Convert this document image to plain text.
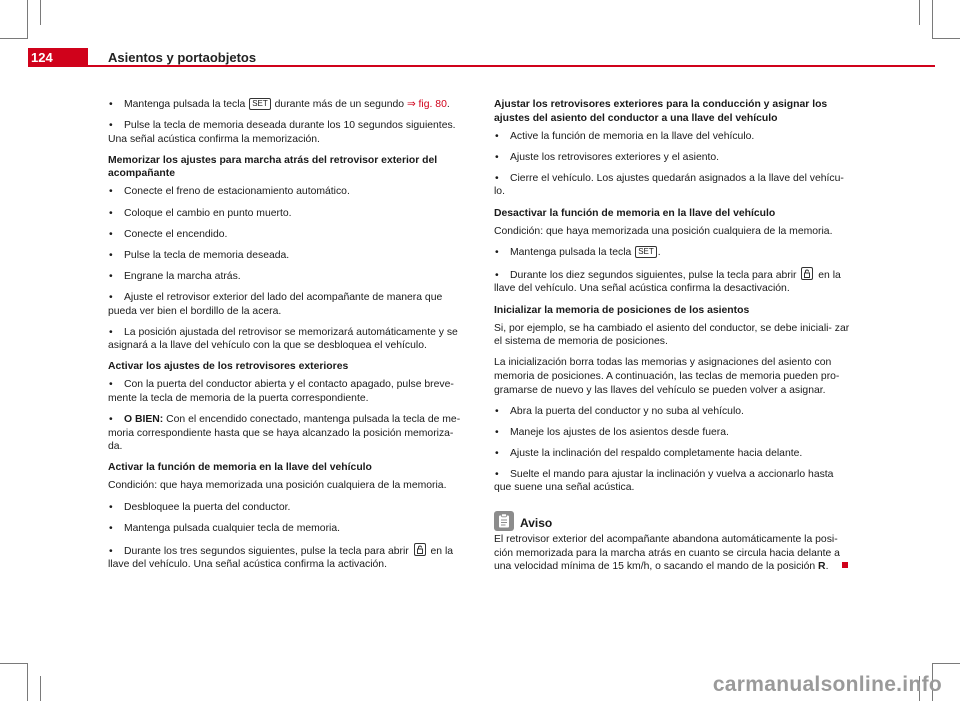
124	Asientos y portaobjetos
• Mantenga pulsada la tecla SET durante más de un segundo ⇒ fig. 80.
• Pulse la tecla de memoria deseada durante los 10 segundos siguientes. Una señal acústica confirma la memorización.
Memorizar los ajustes para marcha atrás del retrovisor exterior del acompañante
• Conecte el freno de estacionamiento automático.
• Coloque el cambio en punto muerto.
• Conecte el encendido.
• Pulse la tecla de memoria deseada.
• Engrane la marcha atrás.
• Ajuste el retrovisor exterior del lado del acompañante de manera que pueda ver bien el bordillo de la acera.
• La posición ajustada del retrovisor se memorizará automáticamente y se asignará a la llave del vehículo con la que se desbloquea el vehículo.
Activar los ajustes de los retrovisores exteriores
• Con la puerta del conductor abierta y el contacto apagado, pulse breve- mente la tecla de memoria de la puerta correspondiente.
• O BIEN: Con el encendido conectado, mantenga pulsada la tecla de me- moria correspondiente hasta que se haya alcanzado la posición memoriza- da.
Activar la función de memoria en la llave del vehículo
Condición: que haya memorizada una posición cualquiera de la memoria.
• Desbloquee la puerta del conductor.
• Mantenga pulsada cualquier tecla de memoria.
• Durante los tres segundos siguientes, pulse la tecla para abrir
en la llave del vehículo. Una señal acústica confirma la activación.
Ajustar los retrovisores exteriores para la conducción y asignar los ajustes del asiento del conductor a una llave del vehículo
• Active la función de memoria en la llave del vehículo.
• Ajuste los retrovisores exteriores y el asiento.
• Cierre el vehículo. Los ajustes quedarán asignados a la llave del vehícu- lo.
Desactivar la función de memoria en la llave del vehículo
Condición: que haya memorizada una posición cualquiera de la memoria.
• Mantenga pulsada la tecla SET .
• Durante los diez segundos siguientes, pulse la tecla para abrir
en la llave del vehículo. Una señal acústica confirma la desactivación.
Inicializar la memoria de posiciones de los asientos
Si, por ejemplo, se ha cambiado el asiento del conductor, se debe iniciali- zar el sistema de memoria de posiciones.
La inicialización borra todas las memorias y asignaciones del asiento con memoria de posiciones. A continuación, las teclas de memoria pueden pro- gramarse de nuevo y las llaves del vehículo se pueden volver a asignar.
• Abra la puerta del conductor y no suba al vehículo.
• Maneje los ajustes de los asientos desde fuera.
• Ajuste la inclinación del respaldo completamente hacia delante.
• Suelte el mando para ajustar la inclinación y vuelva a accionarlo hasta que suene una señal acústica.
Aviso
El retrovisor exterior del acompañante abandona automáticamente la posi- ción memorizada para la marcha atrás en cuanto se circula hacia delante a una velocidad mínima de 15 km/h, o sacando el mando de la posición R.
carmanualsonline.info
